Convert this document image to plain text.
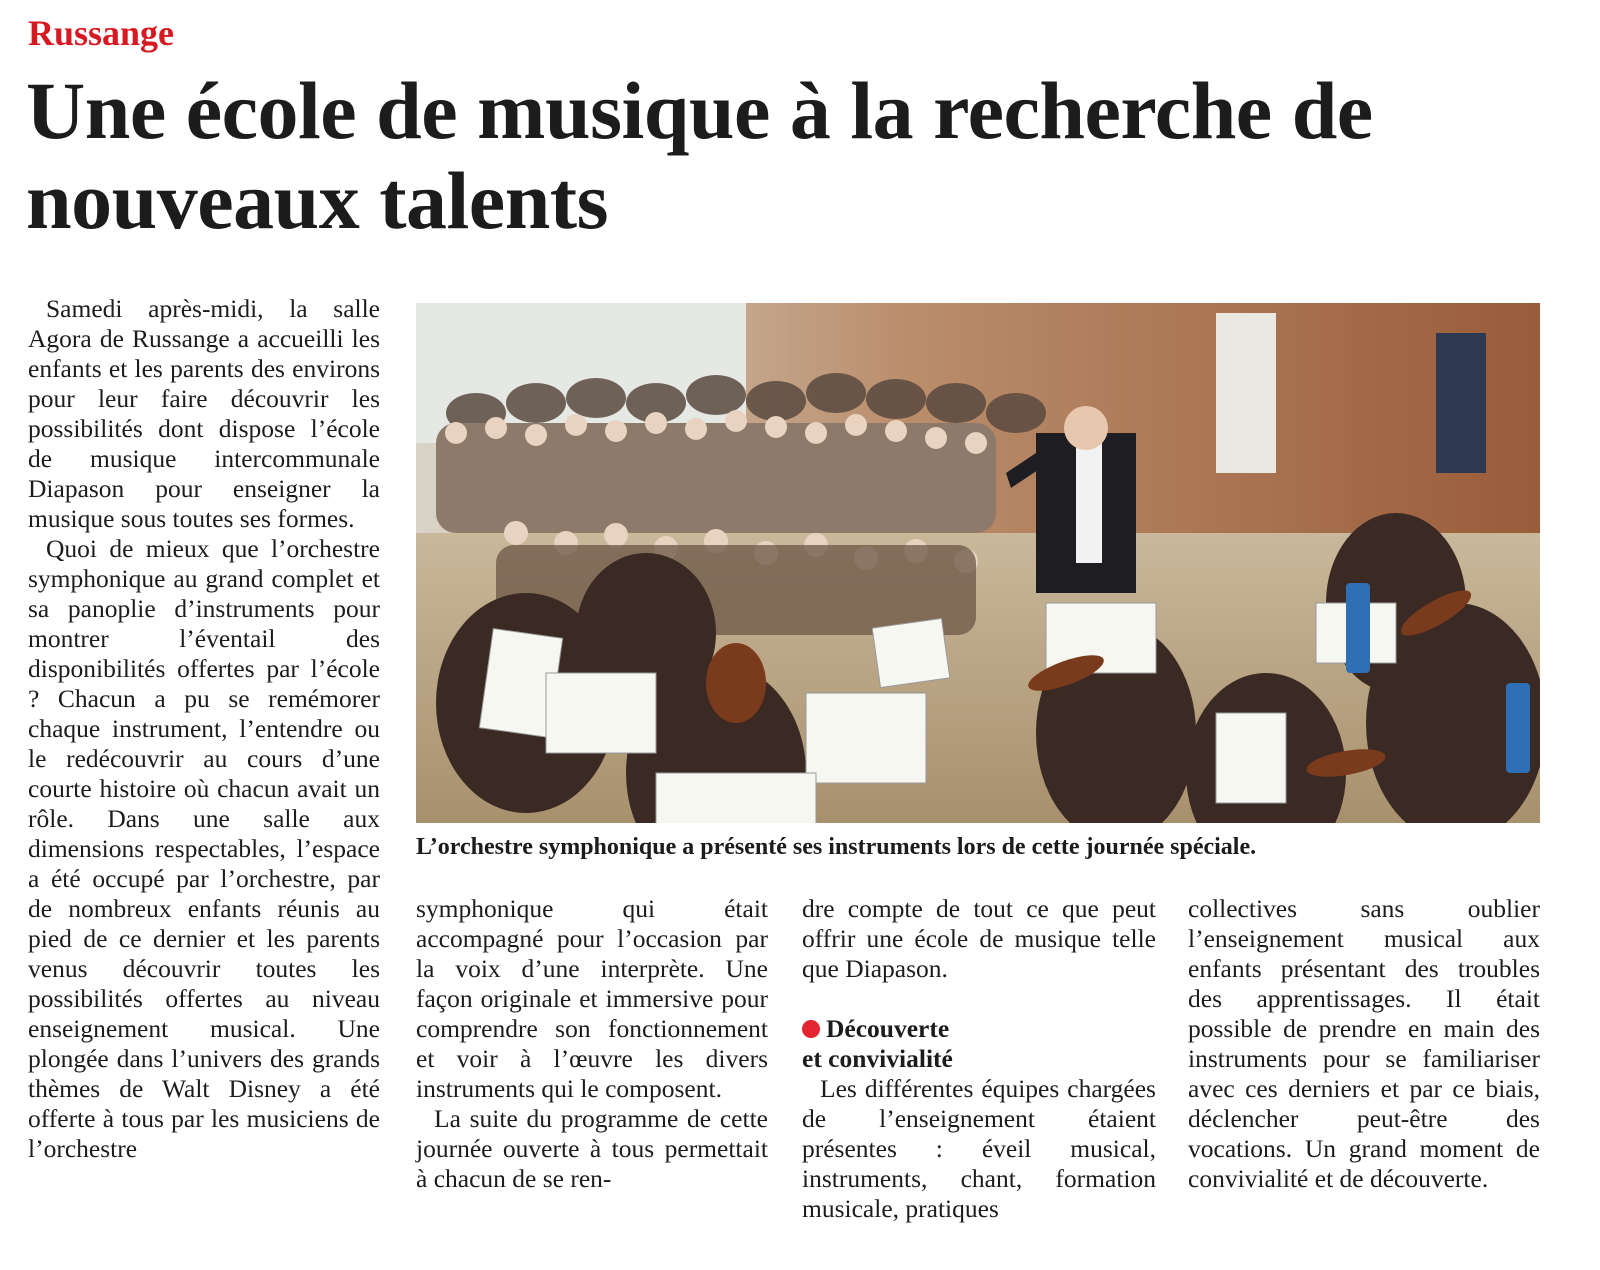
Russange
Une école de musique à la recherche de nouveaux talents

Samedi après-midi, la salle Agora de Russange a accueilli les enfants et les parents des environs pour leur faire découvrir les possibilités dont dispose l’école de musique intercommunale Diapason pour enseigner la musique sous toutes ses formes.

Quoi de mieux que l’orchestre symphonique au grand complet et sa panoplie d’instruments pour montrer l’éventail des disponibilités offertes par l’école ? Chacun a pu se remémorer chaque instrument, l’entendre ou le redécouvrir au cours d’une courte histoire où chacun avait un rôle. Dans une salle aux dimensions respectables, l’espace a été occupé par l’orchestre, par de nombreux enfants réunis au pied de ce dernier et les parents venus découvrir toutes les possibilités offertes au niveau enseignement musical. Une plongée dans l’univers des grands thèmes de Walt Disney a été offerte à tous par les musiciens de l’orchestre

L’orchestre symphonique a présenté ses instruments lors de cette journée spéciale.

symphonique qui était accompagné pour l’occasion par la voix d’une interprète. Une façon originale et immersive pour comprendre son fonctionnement et voir à l’œuvre les divers instruments qui le composent.

La suite du programme de cette journée ouverte à tous permettait à chacun de se ren-

dre compte de tout ce que peut offrir une école de musique telle que Diapason.

Découverte
et convivialité

Les différentes équipes chargées de l’enseignement étaient présentes : éveil musical, instruments, chant, formation musicale, pratiques

collectives sans oublier l’enseignement musical aux enfants présentant des troubles des apprentissages. Il était possible de prendre en main des instruments pour se familiariser avec ces derniers et par ce biais, déclencher peut-être des vocations. Un grand moment de convivialité et de découverte.
